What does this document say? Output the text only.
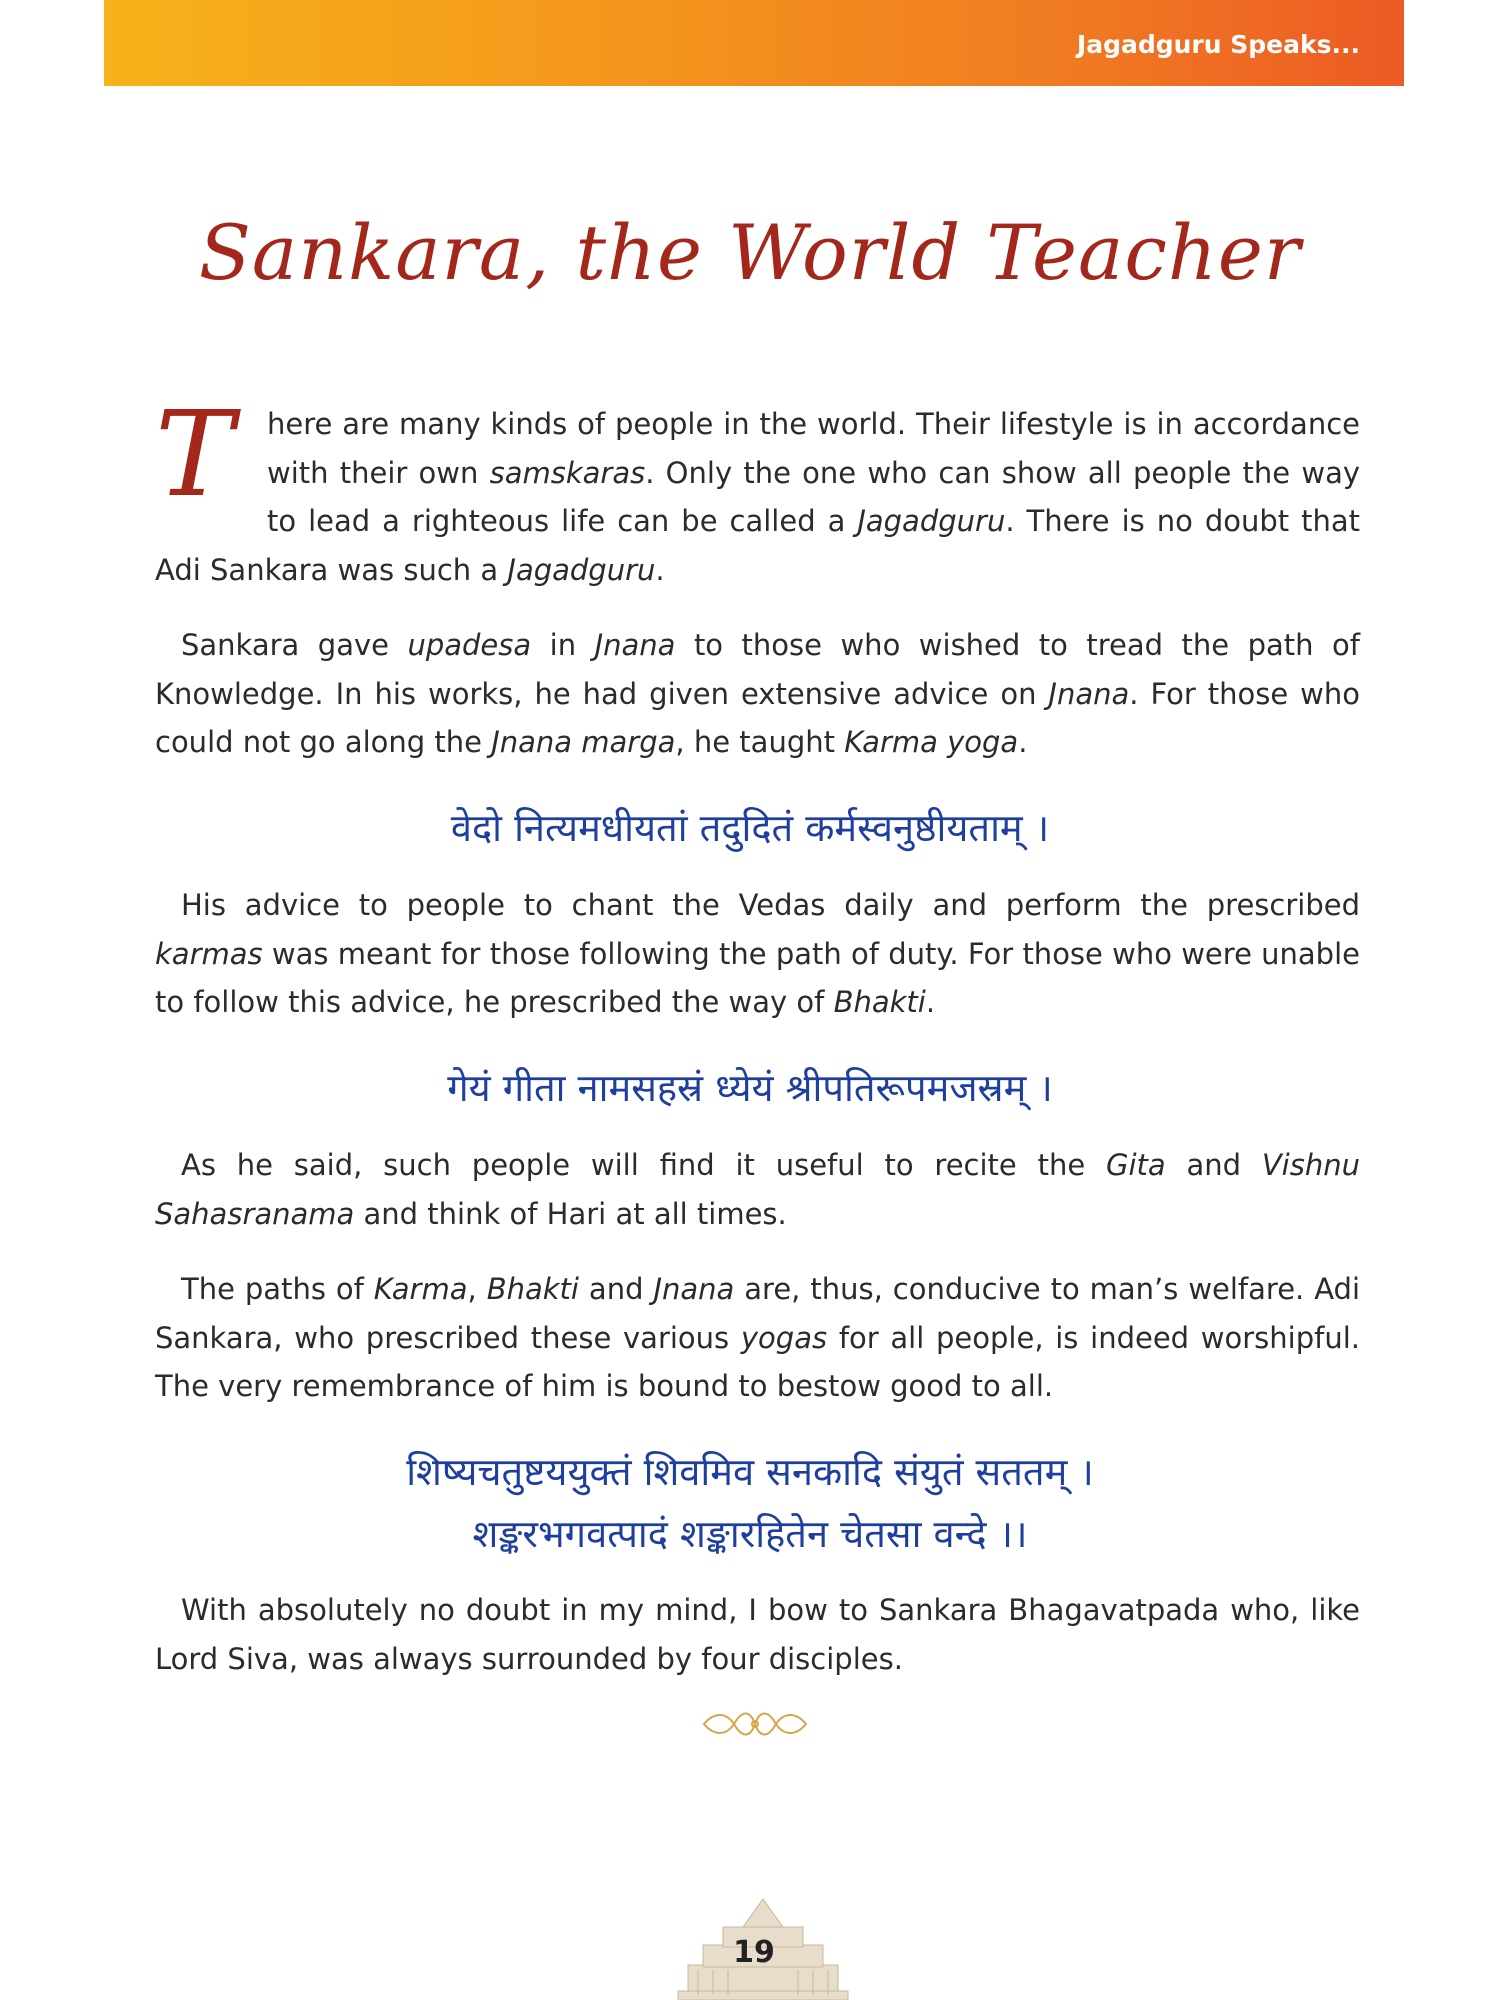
Jagadguru Speaks...
Sankara, the World Teacher
T	here are many kinds of people in the world. Their lifestyle is in accordance with their own samskaras. Only the one who can show all people the way to lead a righteous life can be called a Jagadguru. There is no doubt that Adi Sankara was such a Jagadguru.
Sankara gave upadesa in Jnana to those who wished to tread the path of Knowledge. In his works, he had given extensive advice on Jnana. For those who could not go along the Jnana marga, he taught Karma yoga.
वेदो नित्यमधीयतां तदुदितं कर्मस्वनुष्ठीयताम् ।
His advice to people to chant the Vedas daily and perform the prescribed karmas was meant for those following the path of duty. For those who were unable to follow this advice, he prescribed the way of Bhakti.
गेयं गीता नामसहस्रं ध्येयं श्रीपतिरूपमजस्रम् ।
As he said, such people will find it useful to recite the Gita and Vishnu Sahasranama and think of Hari at all times.
The paths of Karma, Bhakti and Jnana are, thus, conducive to man’s welfare. Adi Sankara, who prescribed these various yogas for all people, is indeed worshipful. The very remembrance of him is bound to bestow good to all.
शिष्यचतुष्टययुक्तं शिवमिव सनकादि संयुतं सततम् ।
शङ्करभगवत्पादं शङ्कारहितेन चेतसा वन्दे ।।
With absolutely no doubt in my mind, I bow to Sankara Bhagavatpada who, like Lord Siva, was always surrounded by four disciples.
19
